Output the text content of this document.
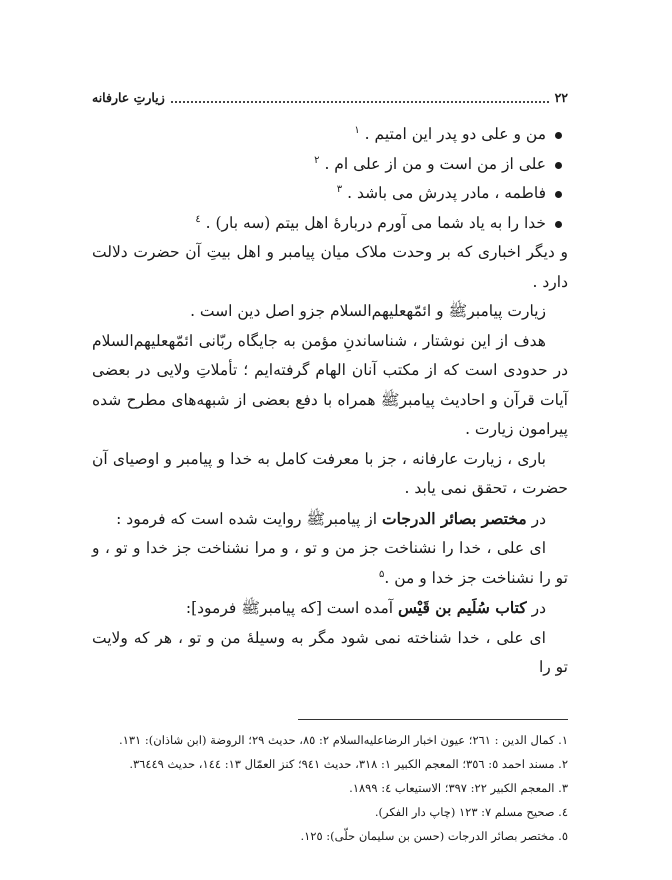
۲۲
زیارتِ عارفانه
من و علی دو پدر این امتیم . $^۱$
علی از من است و من از علی ام . $^۲$
فاطمه ، مادر پدرش می باشد . $^۳$
خدا را به یاد شما می آورم دربارهٔ اهل بیتم (سه بار) . $^٤$
و دیگر اخباری که بر وحدت ملاک میان پیامبر و اهل بیتِ آن حضرت دلالت دارد .
زیارت پیامبرﷺ و ائمّهعليهم‌السلام جزو اصل دین است .
هدف از این نوشتار ، شناساندنِ مؤمن به جایگاه ربّانی ائمّهعليهم‌السلام در حدودی است که از مکتب آنان الهام گرفته‌ایم ؛ تأملاتِ ولایی در بعضی آیات قرآن و احادیث پیامبرﷺ همراه با دفع بعضی از شبهه‌های مطرح شده پیرامون زیارت .
باری ، زیارت عارفانه ، جز با معرفت کامل به خدا و پیامبر و اوصیای آن حضرت ، تحقق نمی یابد .
در مختصر بصائر الدرجات از پیامبرﷺ روایت شده است که فرمود :
ای علی ، خدا را نشناخت جز من و تو ، و مرا نشناخت جز خدا و تو ، و تو را نشناخت جز خدا و من .$^۵$
در کتاب سُلَیم بن قَیْس آمده است [که پیامبرﷺ فرمود]:
ای علی ، خدا شناخته نمی شود مگر به وسیلهٔ من و تو ، هر که ولایت تو را
١. کمال الدین : ٢٦١؛ عیون اخبار الرضاعليه‌السلام ٢: ٨٥، حدیث ٢٩؛ الروضة (ابن شاذان): ١٣١.
٢. مسند احمد ٥: ٣٥٦؛ المعجم الکبیر ١: ٣١٨، حدیث ٩٤١؛ کنز العمّال ١٣: ١٤٤، حدیث ٣٦٤٤٩.
٣. المعجم الکبیر ٢٢: ٣٩٧؛ الاستیعاب ٤: ١٨٩٩.
٤. صحیح مسلم ٧: ١٢٣ (چاپ دار الفکر).
٥. مختصر بصائر الدرجات (حسن بن سلیمان حلّی): ١٢٥.
